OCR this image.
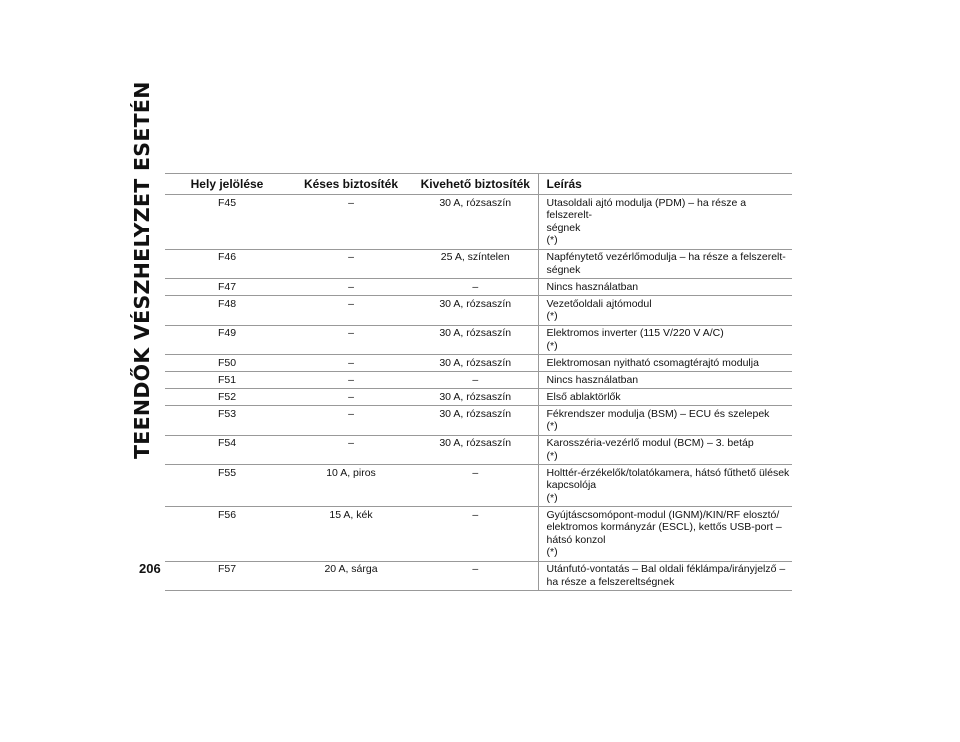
TEENDŐK VÉSZHELYZET ESETÉN	Hely jelölése	Késes biztosíték	Kivehető biztosíték	Leírás
F45	–	30 A, rózsaszín	Utasoldali ajtó modulja (PDM) – ha része a felszerelt-
ségnek
(*)

F46	–	25 A, színtelen	Napfénytető vezérlőmodulja – ha része a felszerelt-
ségnek

F47	–	–	Nincs használatban

F48	–	30 A, rózsaszín	Vezetőoldali ajtómodul
(*)

F49	–	30 A, rózsaszín	Elektromos inverter (115 V/220 V A/C)
(*)

F50	–	30 A, rózsaszín	Elektromosan nyitható csomagtérajtó modulja

F51	–	–	Nincs használatban

F52	–	30 A, rózsaszín	Első ablaktörlők

F53	–	30 A, rózsaszín	Fékrendszer modulja (BSM) – ECU és szelepek
(*)

F54	–	30 A, rózsaszín	Karosszéria-vezérlő modul (BCM) – 3. betáp
(*)

F55	10 A, piros	–	Holttér-érzékelők/tolatókamera, hátsó fűthető ülések
kapcsolója
(*)

F56	15 A, kék	–	Gyújtáscsomópont-modul (IGNM)/KIN/RF elosztó/
elektromos kormányzár (ESCL), kettős USB-port –
hátsó konzol
(*)

F57	20 A, sárga	–	Utánfutó-vontatás – Bal oldali féklámpa/irányjelző –
ha része a felszereltségnek
206
